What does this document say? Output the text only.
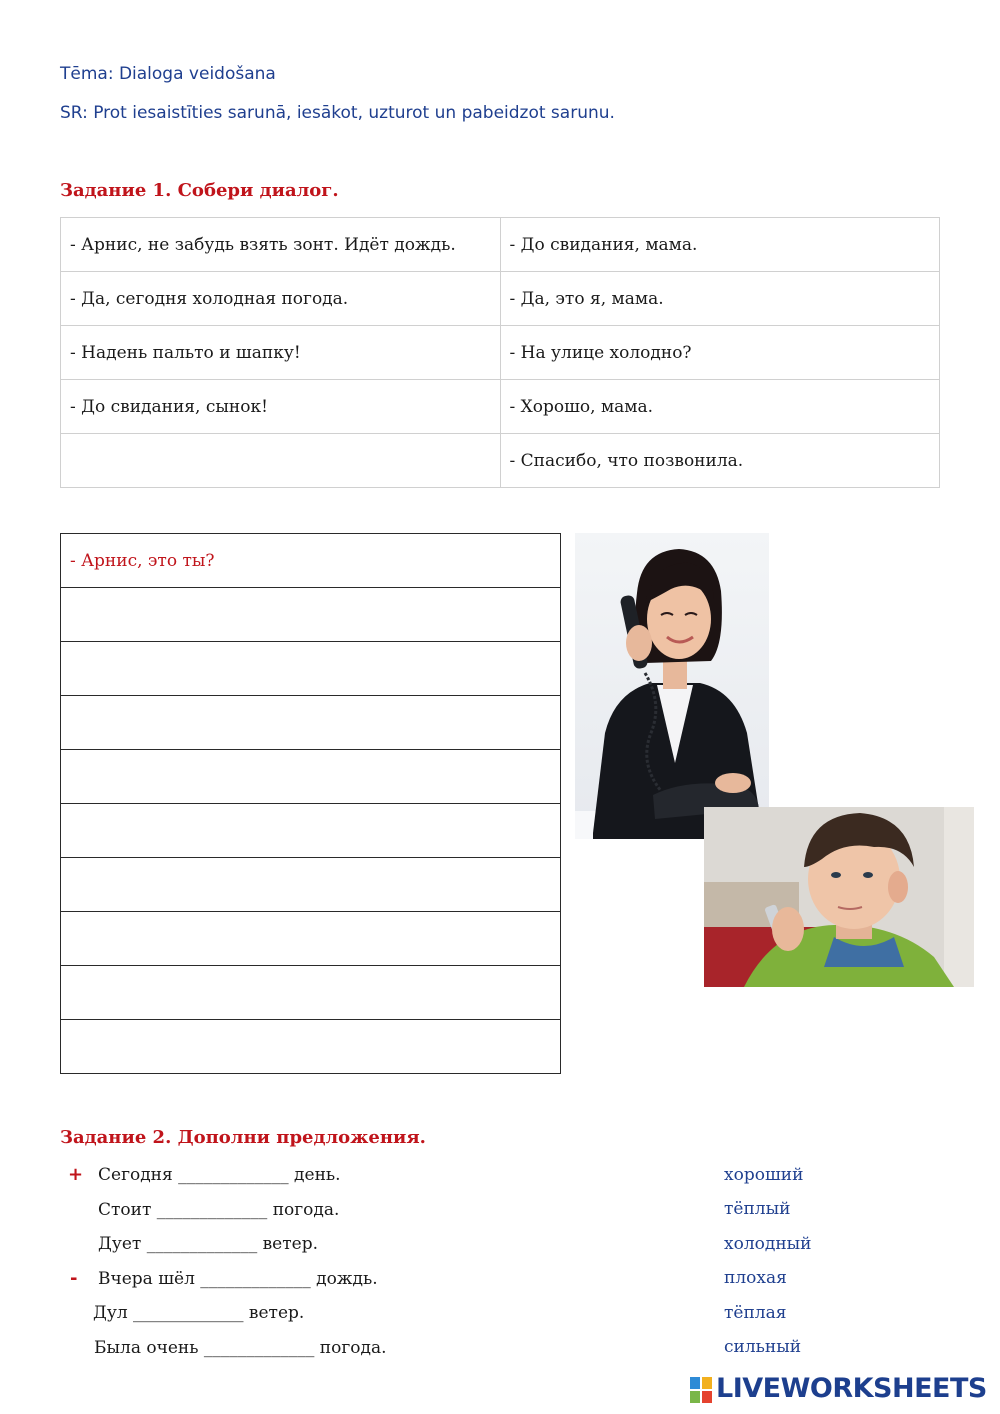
Tēma: Dialoga veidošana
SR: Prot iesaistīties sarunā, iesākot, uzturot un pabeidzot sarunu.
Задание 1. Собери диалог.
- Арнис, не забудь взять зонт. Идёт дождь.	- До свидания, мама.
- Да, сегодня холодная погода.	- Да, это я, мама.
- Надень пальто и шапку!	- На улице холодно?
- До свидания, сынок!	- Хорошо, мама.
	- Спасибо, что позвонила.
- Арнис, это ты?

Задание 2. Дополни предложения.
+ Сегодня _____________ день.
Стоит _____________ погода.
Дует _____________ ветер.
- Вчера шёл _____________ дождь.
Дул _____________ ветер.
Была очень _____________ погода.
хороший
тёплый
холодный
плохая
тёплая
сильный
LIVEWORKSHEETS
